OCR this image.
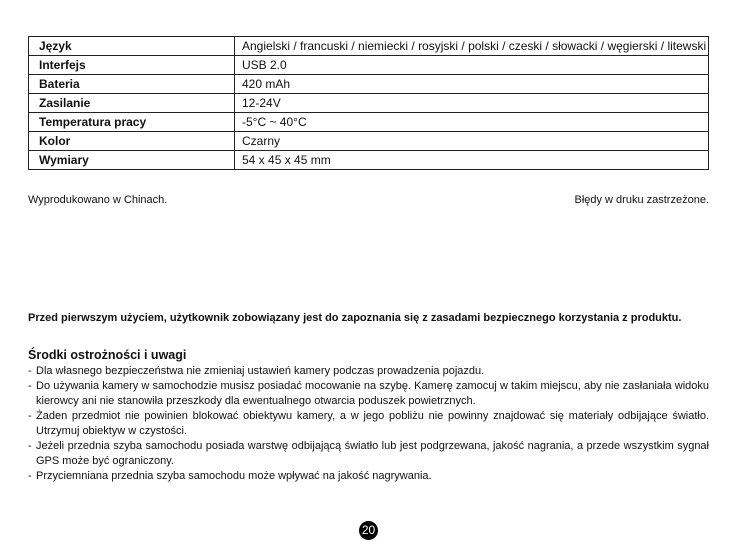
Język	Angielski / francuski / niemiecki / rosyjski / polski / czeski / słowacki / węgierski / litewski
Interfejs	USB 2.0
Bateria	420 mAh
Zasilanie	12-24V
Temperatura pracy	-5°C ~ 40°C
Kolor	Czarny
Wymiary	54 x 45 x 45 mm
Wyprodukowano w Chinach.	Błędy w druku zastrzeżone.

Przed pierwszym użyciem, użytkownik zobowiązany jest do zapoznania się z zasadami bezpiecznego korzystania z produktu.

Środki ostrożności i uwagi
- Dla własnego bezpieczeństwa nie zmieniaj ustawień kamery podczas prowadzenia pojazdu.
- Do używania kamery w samochodzie musisz posiadać mocowanie na szybę. Kamerę zamocuj w takim miejscu, aby nie zasłaniała widoku kierowcy ani nie stanowiła przeszkody dla ewentualnego otwarcia poduszek powietrznych.
- Żaden przedmiot nie powinien blokować obiektywu kamery, a w jego pobliżu nie powinny znajdować się materiały odbijające światło. Utrzymuj obiektyw w czystości.
- Jeżeli przednia szyba samochodu posiada warstwę odbijającą światło lub jest podgrzewana, jakość nagrania, a przede wszystkim sygnał GPS może być ograniczony.
- Przyciemniana przednia szyba samochodu może wpływać na jakość nagrywania.
20
